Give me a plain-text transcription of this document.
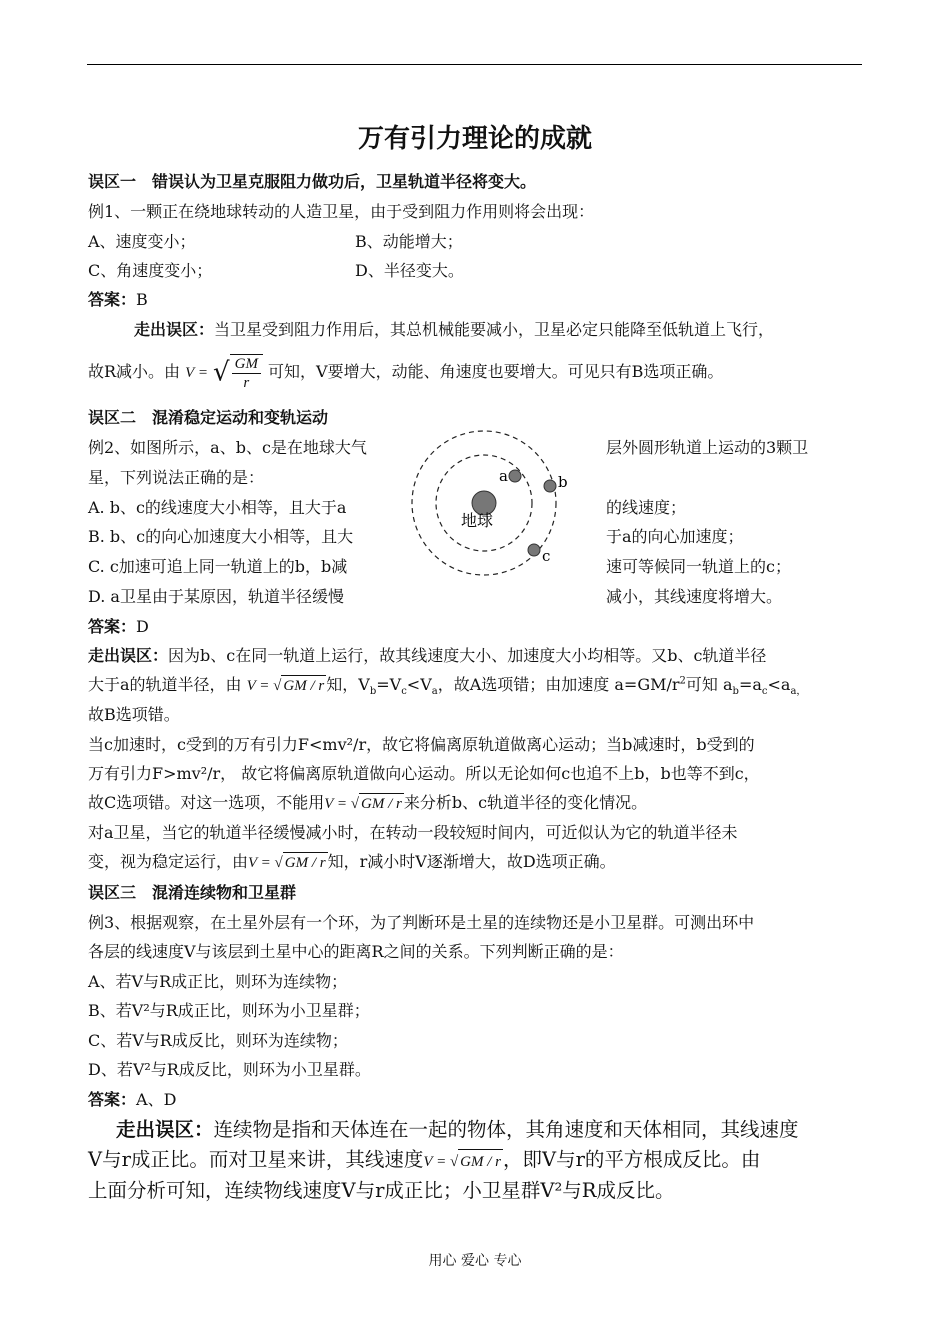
万有引力理论的成就
误区一　错误认为卫星克服阻力做功后，卫星轨道半径将变大。
例1、一颗正在绕地球转动的人造卫星，由于受到阻力作用则将会出现：
A、速度变小；	B、动能增大；
C、角速度变小；	D、半径变大。
答案：B
走出误区：当卫星受到阻力作用后，其总机械能要减小，卫星必定只能降至低轨道上飞行，
故R减小。由 V = √ $\frac{GM}{r}$ 可知，V要增大，动能、角速度也要增大。可见只有B选项正确。
误区二　混淆稳定运动和变轨运动
例2、如图所示，a、b、c是在地球大气	层外圆形轨道上运动的3颗卫
星，下列说法正确的是：
A. b、c的线速度大小相等，且大于a	的线速度；
B. b、c的向心加速度大小相等，且大	于a的向心加速度；
C. c加速可追上同一轨道上的b，b减	速可等候同一轨道上的c；
D. a卫星由于某原因，轨道半径缓慢	减小，其线速度将增大。
地球
a	b
c
答案：D
走出误区：因为b、c在同一轨道上运行，故其线速度大小、加速度大小均相等。又b、c轨道半径
大于a的轨道半径，由 V = √ GM / r 知，$V_b=V_c<V_a$，故A选项错；由加速度 $a=GM/r^2$可知 $a_b=a_c<a_{a,}$
故B选项错。
当c加速时，c受到的万有引力F<mv²/r，故它将偏离原轨道做离心运动；当b减速时，b受到的
万有引力F>mv²/r， 故它将偏离原轨道做向心运动。所以无论如何c也追不上b，b也等不到c，
故C选项错。对这一选项，不能用V = √ GM / r 来分析b、c轨道半径的变化情况。
对a卫星，当它的轨道半径缓慢减小时，在转动一段较短时间内，可近似认为它的轨道半径未
变，视为稳定运行，由V = √ GM / r 知，r减小时V逐渐增大，故D选项正确。
误区三　混淆连续物和卫星群
例3、根据观察，在土星外层有一个环，为了判断环是土星的连续物还是小卫星群。可测出环中
各层的线速度V与该层到土星中心的距离R之间的关系。下列判断正确的是：
A、若V与R成正比，则环为连续物；
B、若V²与R成正比，则环为小卫星群；
C、若V与R成反比，则环为连续物；
D、若V²与R成反比，则环为小卫星群。
答案：A、D
走出误区：连续物是指和天体连在一起的物体，其角速度和天体相同，其线速度
V与r成正比。而对卫星来讲，其线速度V = √ GM / r ，即V与r的平方根成反比。由
上面分析可知，连续物线速度V与r成正比；小卫星群V²与R成反比。
用心 爱心 专心
